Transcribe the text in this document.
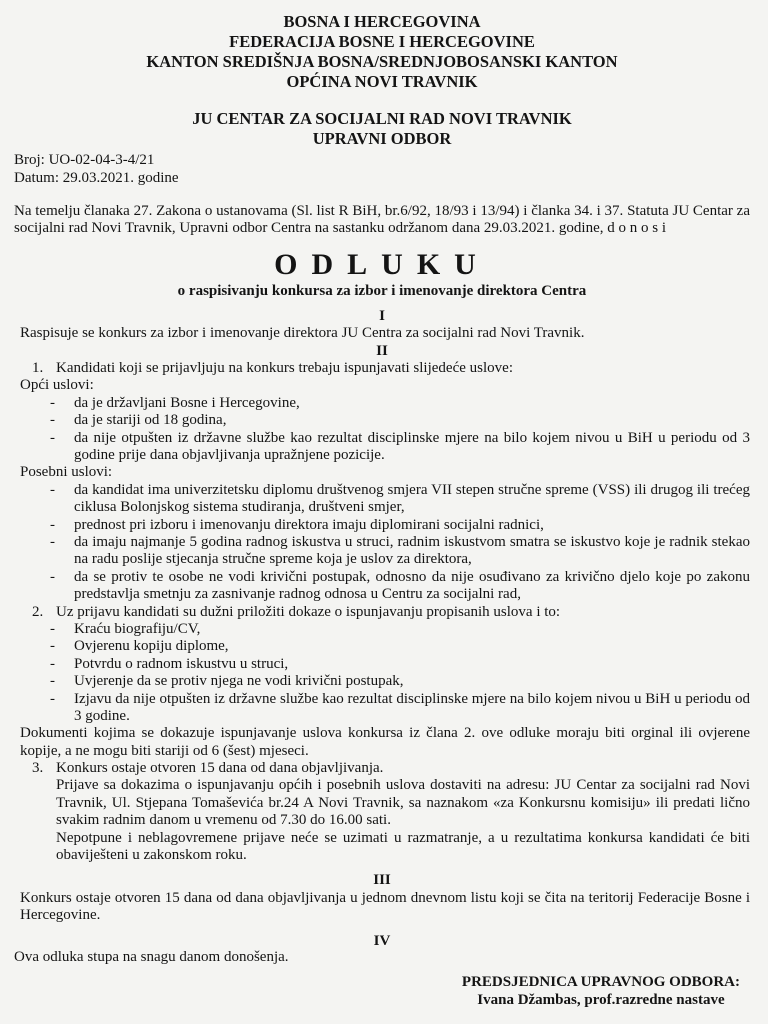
BOSNA I HERCEGOVINA
FEDERACIJA BOSNE I HERCEGOVINE
KANTON SREDIŠNJA BOSNA/SREDNJOBOSANSKI KANTON
OPĆINA NOVI TRAVNIK
JU CENTAR ZA SOCIJALNI RAD NOVI TRAVNIK
UPRAVNI ODBOR
Broj: UO-02-04-3-4/21
Datum: 29.03.2021. godine

Na temelju članaka 27. Zakona o ustanovama (Sl. list R BiH, br.6/92, 18/93 i 13/94) i članka 34. i 37. Statuta JU Centar za socijalni rad Novi Travnik, Upravni odbor Centra na sastanku održanom dana 29.03.2021. godine, d o n o s i

ODLUKU
o raspisivanju konkursa za izbor i imenovanje direktora Centra
I

Raspisuje se konkurs za izbor i imenovanje direktora JU Centra za socijalni rad Novi Travnik.

II
1. Kandidati koji se prijavljuju na konkurs trebaju ispunjavati slijedeće uslove:
Opći uslovi:
-	da je državljani Bosne i Hercegovine,
-	da je stariji od 18 godina,
-	da nije otpušten iz državne službe kao rezultat disciplinske mjere na bilo kojem nivou u BiH u periodu od 3 godine prije dana objavljivanja upražnjene pozicije.
Posebni uslovi:
-	da kandidat ima univerzitetsku diplomu društvenog smjera VII stepen stručne spreme (VSS) ili drugog ili trećeg ciklusa Bolonjskog sistema studiranja, društveni smjer,
-	prednost pri izboru i imenovanju direktora imaju diplomirani socijalni radnici,
-	da imaju najmanje 5 godina radnog iskustva u struci, radnim iskustvom smatra se iskustvo koje je radnik stekao na radu poslije stjecanja stručne spreme koja je uslov za direktora,
-	da se protiv te osobe ne vodi krivični postupak, odnosno da nije osuđivano za krivično djelo koje po zakonu predstavlja smetnju za zasnivanje radnog odnosa u Centru za socijalni rad,
2. Uz prijavu kandidati su dužni priložiti dokaze o ispunjavanju propisanih uslova i to:
-	Kraću biografiju/CV,
-	Ovjerenu kopiju diplome,
-	Potvrdu o radnom iskustvu u struci,
-	Uvjerenje da se protiv njega ne vodi krivični postupak,
-	Izjavu da nije otpušten iz državne službe kao rezultat disciplinske mjere na bilo kojem nivou u BiH u periodu od 3 godine.

Dokumenti kojima se dokazuje ispunjavanje uslova konkursa iz člana 2. ove odluke moraju biti orginal ili ovjerene kopije, a ne mogu biti stariji od 6 (šest) mjeseci.

3. Konkurs ostaje otvoren 15 dana od dana objavljivanja.

Prijave sa dokazima o ispunjavanju općih i posebnih uslova dostaviti na adresu: JU Centar za socijalni rad Novi Travnik, Ul. Stjepana Tomaševića br.24 A Novi Travnik, sa naznakom «za Konkursnu komisiju» ili predati lično svakim radnim danom u vremenu od 7.30 do 16.00 sati.

Nepotpune i neblagovremene prijave neće se uzimati u razmatranje, a u rezultatima konkursa kandidati će biti obaviješteni u zakonskom roku.

III

Konkurs ostaje otvoren 15 dana od dana objavljivanja u jednom dnevnom listu koji se čita na teritorij Federacije Bosne i Hercegovine.

IV
Ova odluka stupa na snagu danom donošenja.
PREDSJEDNICA UPRAVNOG ODBORA:
Ivana Džambas, prof.razredne nastave
